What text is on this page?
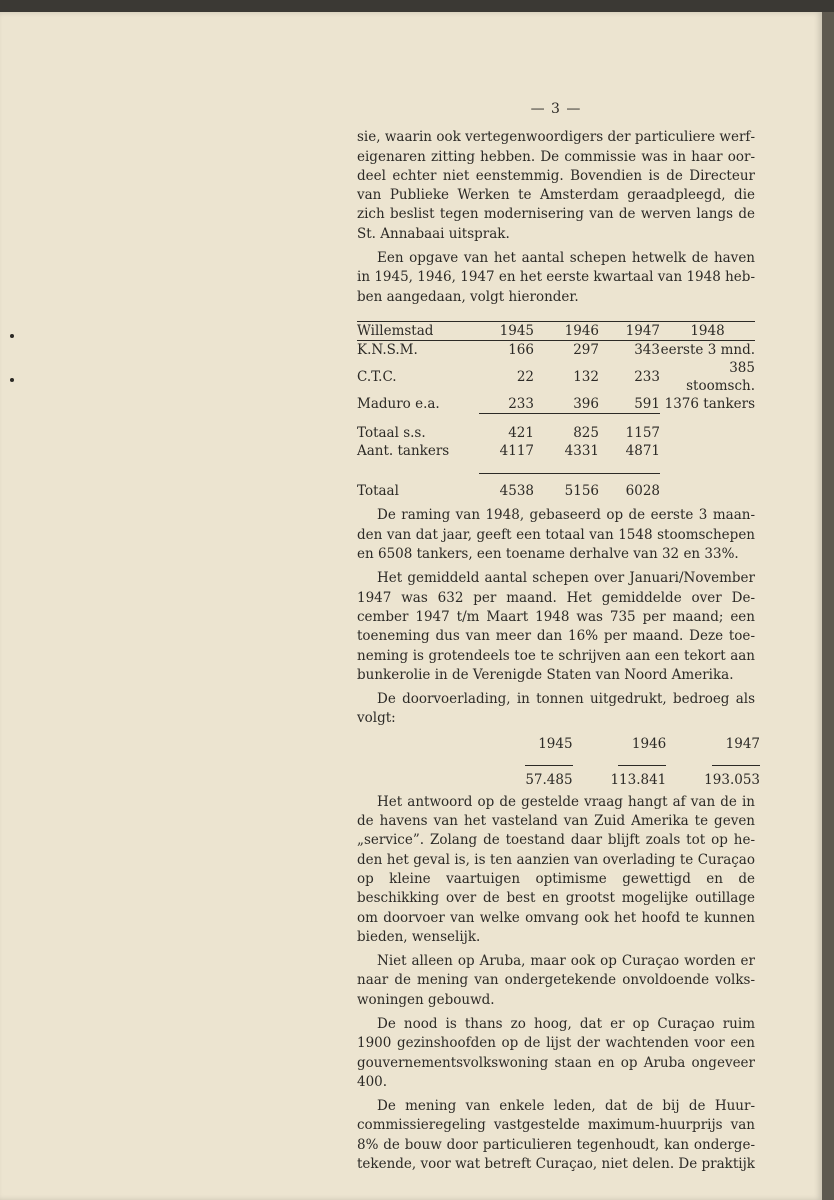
— 3 —

sie, waarin ook vertegenwoordigers der particuliere werfeigenaren zitting hebben. De commissie was in haar oordeel echter niet eenstemmig. Bovendien is de Directeur van Publieke Werken te Amsterdam geraadpleegd, die zich beslist tegen modernisering van de werven langs de St. Annabaai uitsprak.

Een opgave van het aantal schepen hetwelk de haven in 1945, 1946, 1947 en het eerste kwartaal van 1948 hebben aangedaan, volgt hieronder.

Willemstad	1945	1946	1947	1948
K.N.S.M.	166	297	343	eerste 3 mnd.
C.T.C.	22	132	233	385 stoomsch.
Maduro e.a.	233	396	591	1376 tankers

Totaal s.s.	421	825	1157	
Aant. tankers	4117	4331	4871	

Totaal	4538	5156	6028	

De raming van 1948, gebaseerd op de eerste 3 maanden van dat jaar, geeft een totaal van 1548 stoomschepen en 6508 tankers, een toename derhalve van 32 en 33%.

Het gemiddeld aantal schepen over Januari/November 1947 was 632 per maand. Het gemiddelde over December 1947 t/m Maart 1948 was 735 per maand; een toeneming dus van meer dan 16% per maand. Deze toeneming is grotendeels toe te schrijven aan een tekort aan bunkerolie in de Verenigde Staten van Noord Amerika.

De doorvoerlading, in tonnen uitgedrukt, bedroeg als volgt:

1945	1946	1947

57.485	113.841	193.053

Het antwoord op de gestelde vraag hangt af van de in de havens van het vasteland van Zuid Amerika te geven „service”. Zolang de toestand daar blijft zoals tot op heden het geval is, is ten aanzien van overlading te Curaçao op kleine vaartuigen optimisme gewettigd en de beschikking over de best en grootst mogelijke outillage om doorvoer van welke omvang ook het hoofd te kunnen bieden, wenselijk.

Niet alleen op Aruba, maar ook op Curaçao worden er naar de mening van ondergetekende onvoldoende volkswoningen gebouwd.

De nood is thans zo hoog, dat er op Curaçao ruim 1900 gezinshoofden op de lijst der wachtenden voor een gouvernementsvolkswoning staan en op Aruba ongeveer 400.

De mening van enkele leden, dat de bij de Huurcommissieregeling vastgestelde maximum-huurprijs van 8% de bouw door particulieren tegenhoudt, kan ondergetekende, voor wat betreft Curaçao, niet delen. De praktijk
